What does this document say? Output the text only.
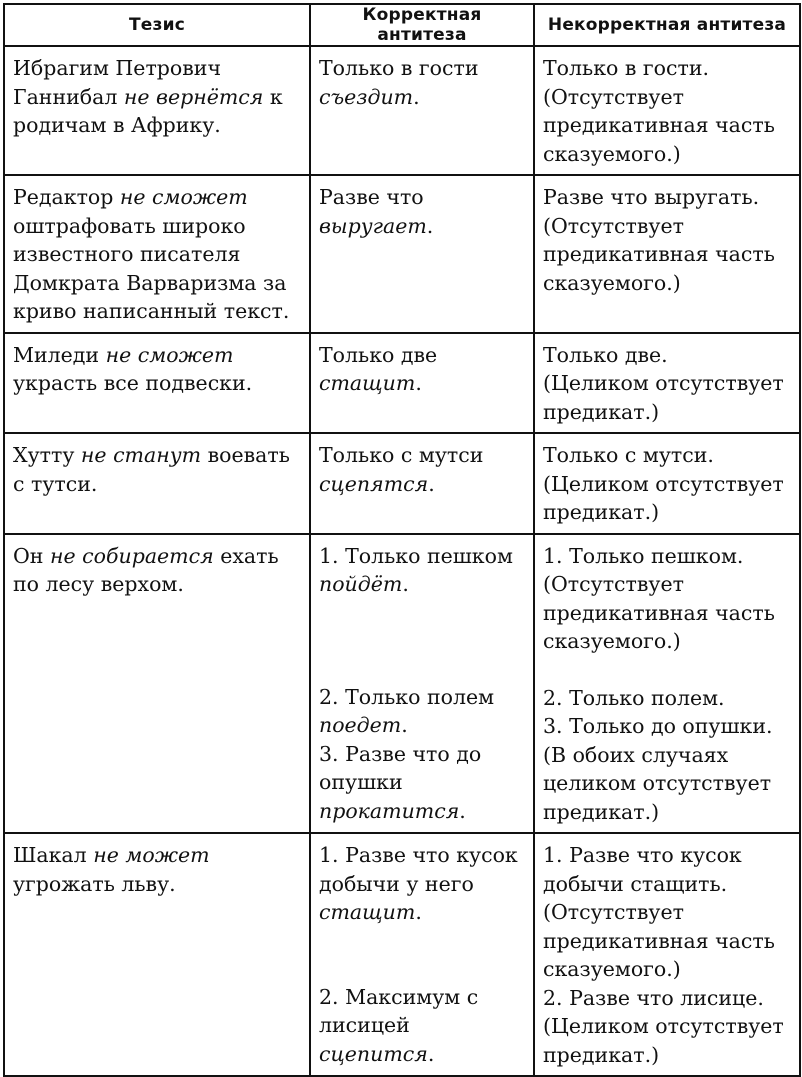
Тезис	Корректная антитеза	Некорректная антитеза
Ибрагим Петрович Ганнибал не вернётся к родичам в Африку.	Только в гости съездит.	Только в гости.
(Отсутствует предикативная часть сказуемого.)

Редактор не сможет оштрафовать широко известного писателя Домкрата Варваризма за криво написанный текст.	Разве что выругает.	Разве что выругать.
(Отсутствует предикативная часть сказуемого.)

Миледи не сможет украсть все подвески.	Только две стащит.	Только две.
(Целиком отсутствует предикат.)

Хутту не станут воевать с тутси.	Только с мутси сцепятся.	Только с мутси.
(Целиком отсутствует предикат.)

Он не собирается ехать по лесу верхом.	1. Только пешком пойдёт.
2. Только полем поедет.
3. Разве что до опушки прокатится.	1. Только пешком.
(Отсутствует предикативная часть сказуемого.)
2. Только полем.
3. Только до опушки.
(В обоих случаях целиком отсутствует предикат.)

Шакал не может угрожать льву.	1. Разве что кусок добычи у него стащит.
2. Максимум с лисицей сцепится.	1. Разве что кусок добычи стащить.
(Отсутствует предикативная часть сказуемого.)
2. Разве что лисице.
(Целиком отсутствует предикат.)
